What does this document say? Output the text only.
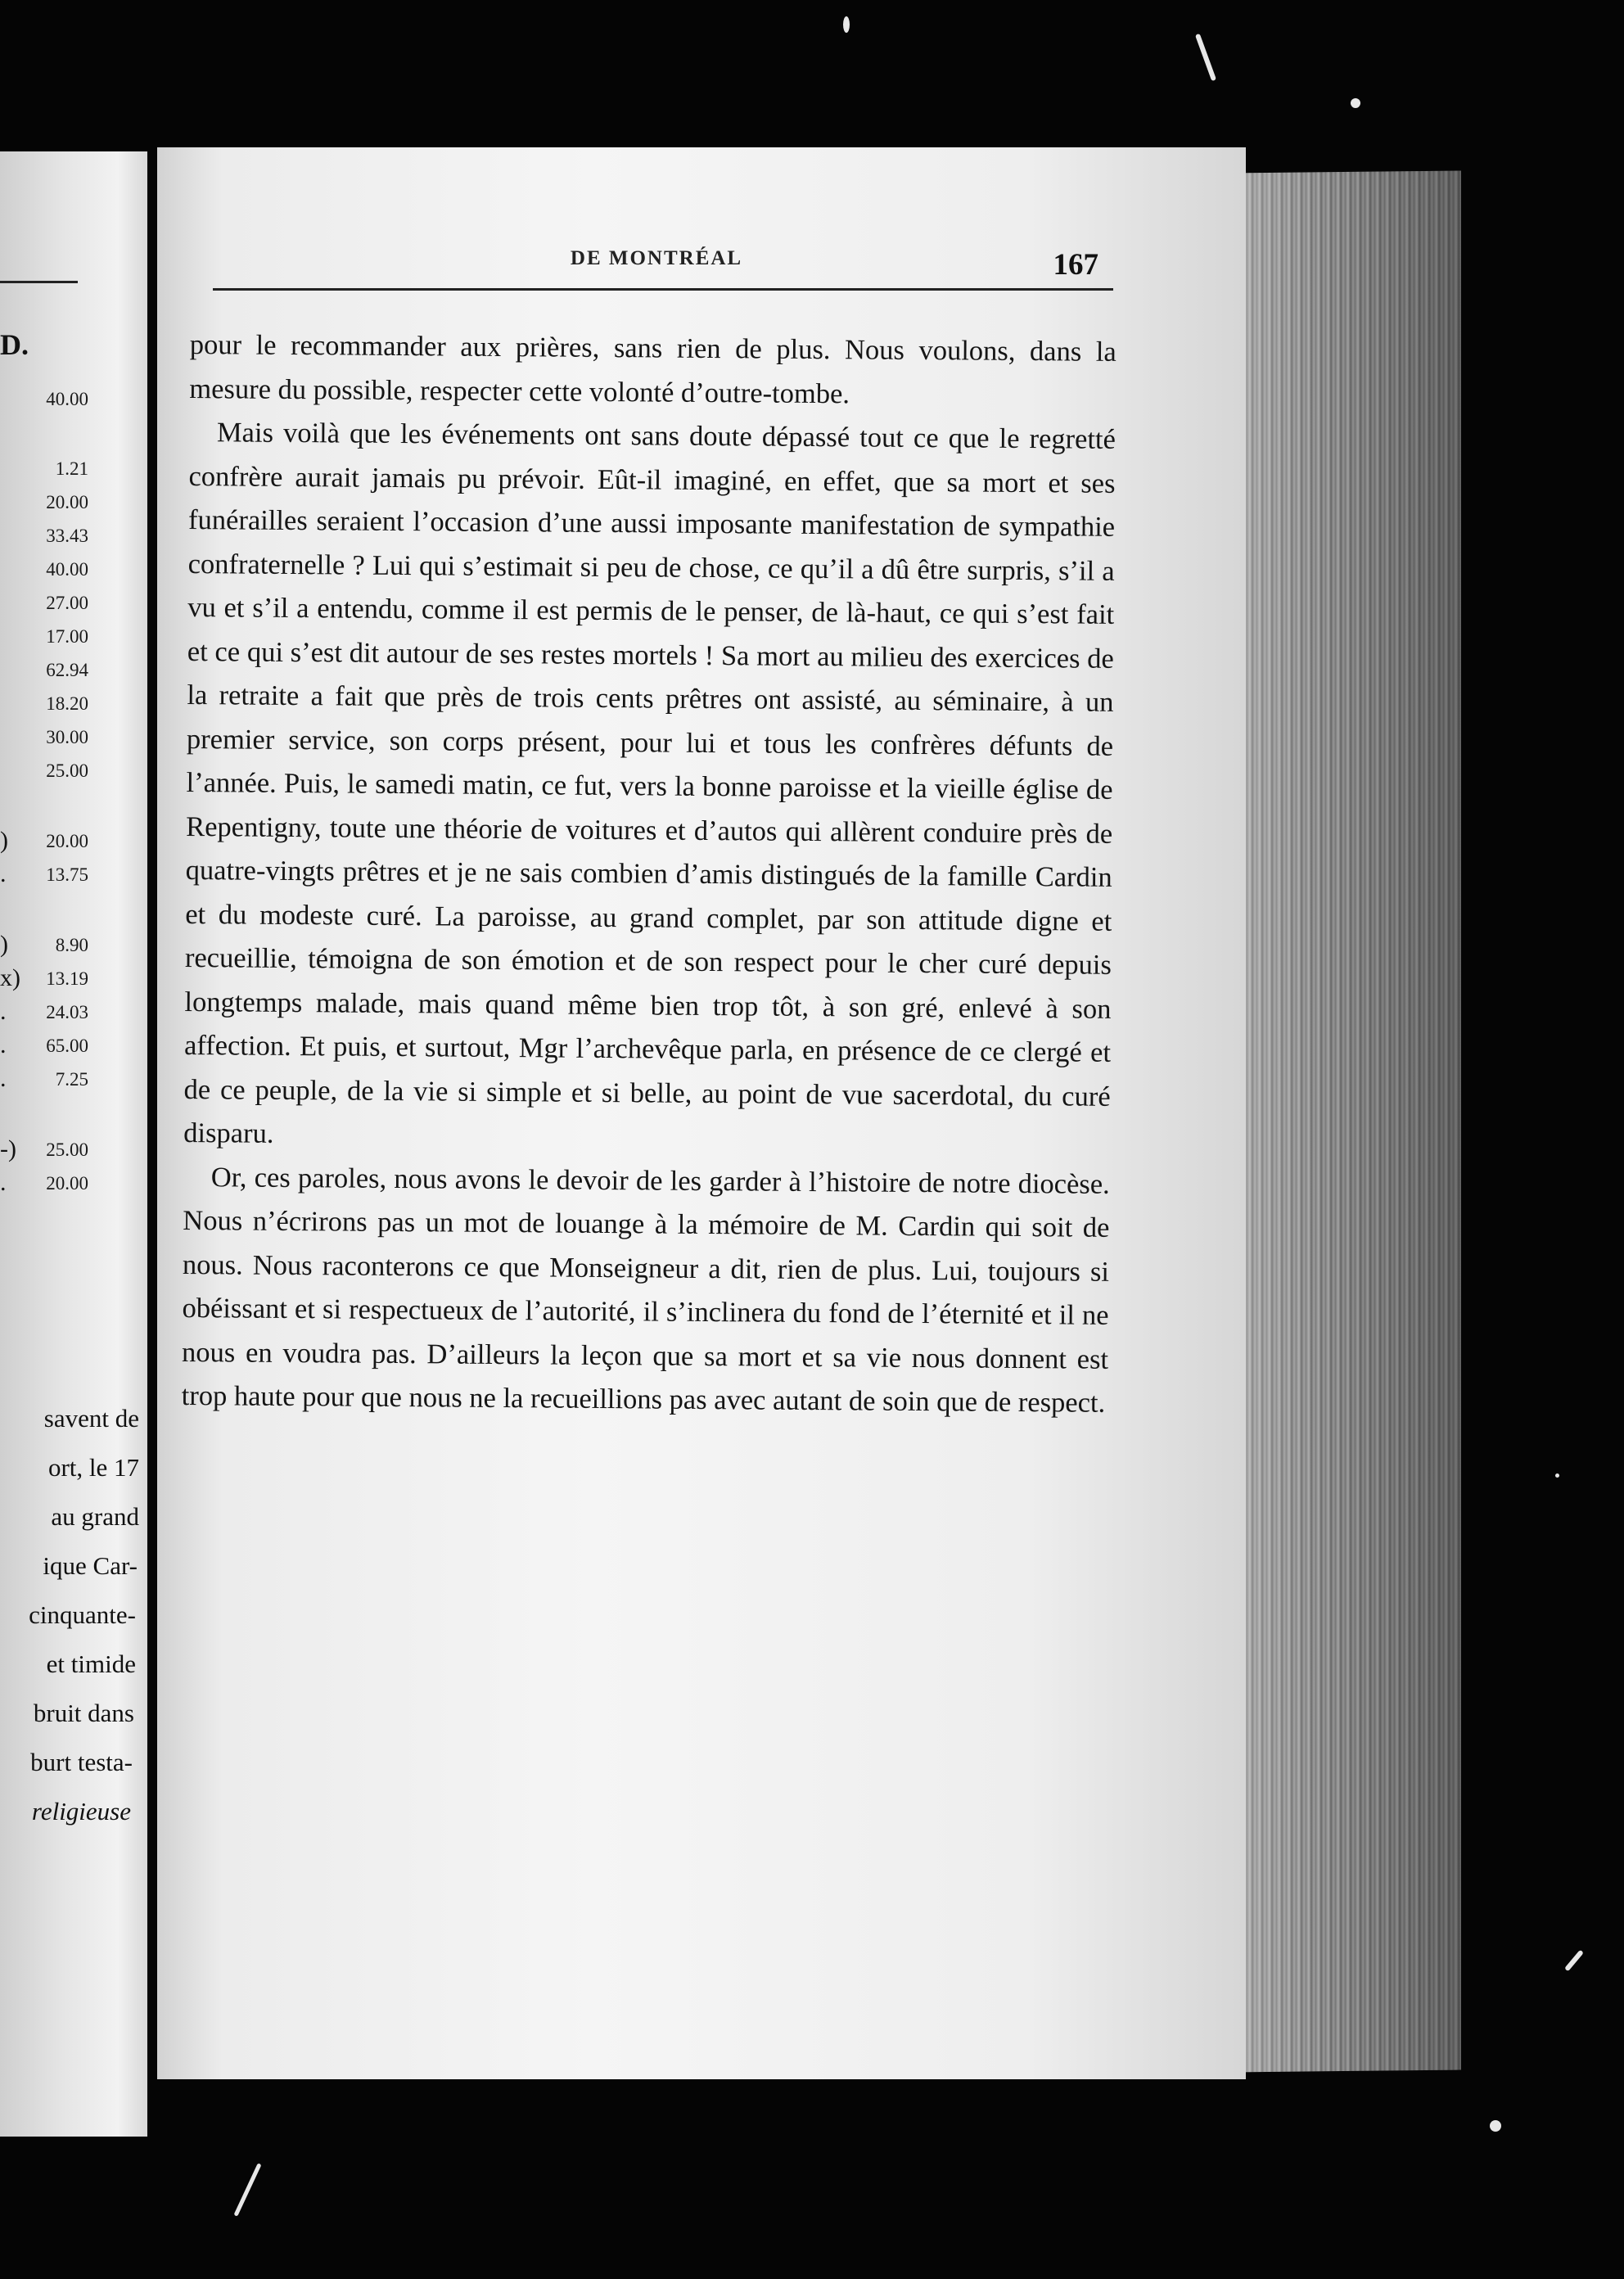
D.
40.00
1.21
20.00
33.43
40.00
27.00
17.00
62.94
18.20
30.00
25.00
20.00
13.75
8.90
13.19
24.03
65.00
7.25
25.00
20.00
)
.
)
x)
.
.
.
-)
.
savent de
ort, le 17
au grand
ique Car-
cinquante-
et timide
bruit dans
burt testa-
religieuse
DE MONTRÉAL	167

pour le recommander aux prières, sans rien de plus. Nous voulons, dans la mesure du possible, respecter cette volonté d’outre-tombe.

Mais voilà que les événements ont sans doute dépassé tout ce que le regretté confrère aurait jamais pu prévoir. Eût-il imaginé, en effet, que sa mort et ses funérailles seraient l’occasion d’une aussi imposante manifestation de sympathie confraternelle ? Lui qui s’estimait si peu de chose, ce qu’il a dû être surpris, s’il a vu et s’il a entendu, comme il est permis de le penser, de là-haut, ce qui s’est fait et ce qui s’est dit autour de ses restes mortels ! Sa mort au milieu des exercices de la retraite a fait que près de trois cents prêtres ont assisté, au séminaire, à un premier service, son corps présent, pour lui et tous les confrères défunts de l’année. Puis, le samedi matin, ce fut, vers la bonne paroisse et la vieille église de Repentigny, toute une théorie de voitures et d’autos qui allèrent conduire près de quatre-vingts prêtres et je ne sais combien d’amis distingués de la famille Cardin et du modeste curé. La paroisse, au grand complet, par son attitude digne et recueillie, témoigna de son émotion et de son respect pour le cher curé depuis longtemps malade, mais quand même bien trop tôt, à son gré, enlevé à son affection. Et puis, et surtout, Mgr l’archevêque parla, en présence de ce clergé et de ce peuple, de la vie si simple et si belle, au point de vue sacerdotal, du curé disparu.

Or, ces paroles, nous avons le devoir de les garder à l’histoire de notre diocèse. Nous n’écrirons pas un mot de louange à la mémoire de M. Cardin qui soit de nous. Nous raconterons ce que Monseigneur a dit, rien de plus. Lui, toujours si obéissant et si respectueux de l’autorité, il s’inclinera du fond de l’éternité et il ne nous en voudra pas. D’ailleurs la leçon que sa mort et sa vie nous donnent est trop haute pour que nous ne la recueillions pas avec autant de soin que de respect.
